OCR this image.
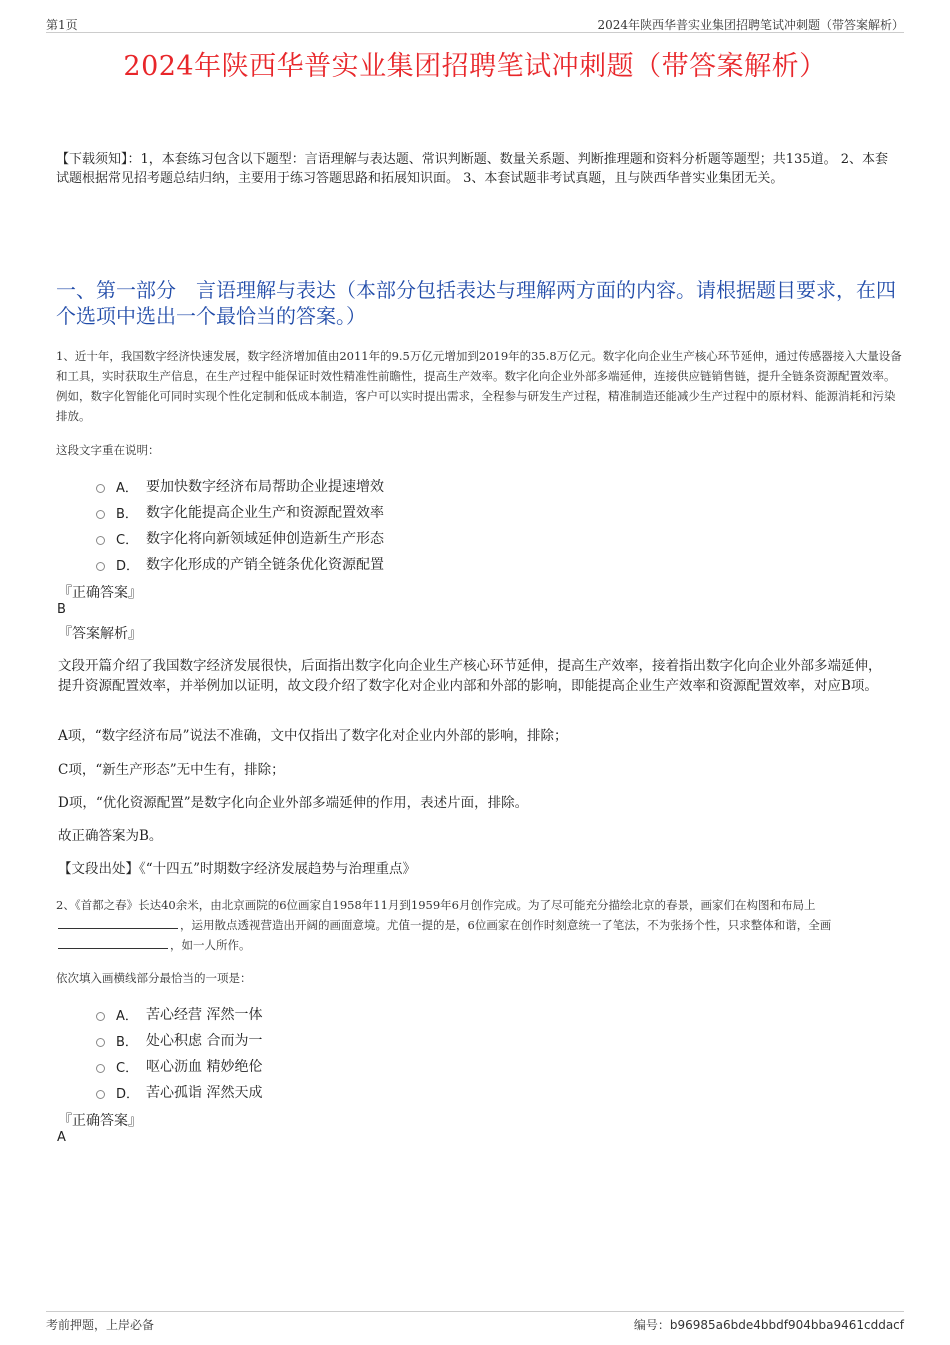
第1页	2024年陕西华普实业集团招聘笔试冲刺题（带答案解析）
2024年陕西华普实业集团招聘笔试冲刺题（带答案解析）
【下载须知】：1，本套练习包含以下题型：言语理解与表达题、常识判断题、数量关系题、判断推理题和资料分析题等题型；共135道。 2、本套试题根据常见招考题总结归纳，主要用于练习答题思路和拓展知识面。 3、本套试题非考试真题，且与陕西华普实业集团无关。
一、第一部分　言语理解与表达（本部分包括表达与理解两方面的内容。请根据题目要求，在四个选项中选出一个最恰当的答案。）
1、近十年，我国数字经济快速发展，数字经济增加值由2011年的9.5万亿元增加到2019年的35.8万亿元。数字化向企业生产核心环节延伸，通过传感器接入大量设备和工具，实时获取生产信息，在生产过程中能保证时效性精准性前瞻性，提高生产效率。数字化向企业外部多端延伸，连接供应链销售链，提升全链条资源配置效率。例如，数字化智能化可同时实现个性化定制和低成本制造，客户可以实时提出需求，全程参与研发生产过程，精准制造还能减少生产过程中的原材料、能源消耗和污染排放。
这段文字重在说明：
A． 要加快数字经济布局帮助企业提速增效
B． 数字化能提高企业生产和资源配置效率
C． 数字化将向新领域延伸创造新生产形态
D． 数字化形成的产销全链条优化资源配置
『正确答案』
B
『答案解析』
文段开篇介绍了我国数字经济发展很快，后面指出数字化向企业生产核心环节延伸，提高生产效率，接着指出数字化向企业外部多端延伸，提升资源配置效率，并举例加以证明，故文段介绍了数字化对企业内部和外部的影响，即能提高企业生产效率和资源配置效率，对应B项。
A项，“数字经济布局”说法不准确，文中仅指出了数字化对企业内外部的影响，排除；
C项，“新生产形态”无中生有，排除；
D项，“优化资源配置”是数字化向企业外部多端延伸的作用，表述片面，排除。
故正确答案为B。
【文段出处】《“十四五”时期数字经济发展趋势与治理重点》
2、《首都之春》长达40余米，由北京画院的6位画家自1958年11月到1959年6月创作完成。为了尽可能充分描绘北京的春景，画家们在构图和布局上，运用散点透视营造出开阔的画面意境。尤值一提的是，6位画家在创作时刻意统一了笔法，不为张扬个性，只求整体和谐，全画，如一人所作。
依次填入画横线部分最恰当的一项是：
A． 苦心经营 浑然一体
B． 处心积虑 合而为一
C． 呕心沥血 精妙绝伦
D． 苦心孤诣 浑然天成
『正确答案』
A
考前押题，上岸必备	编号：b96985a6bde4bbdf904bba9461cddacf
